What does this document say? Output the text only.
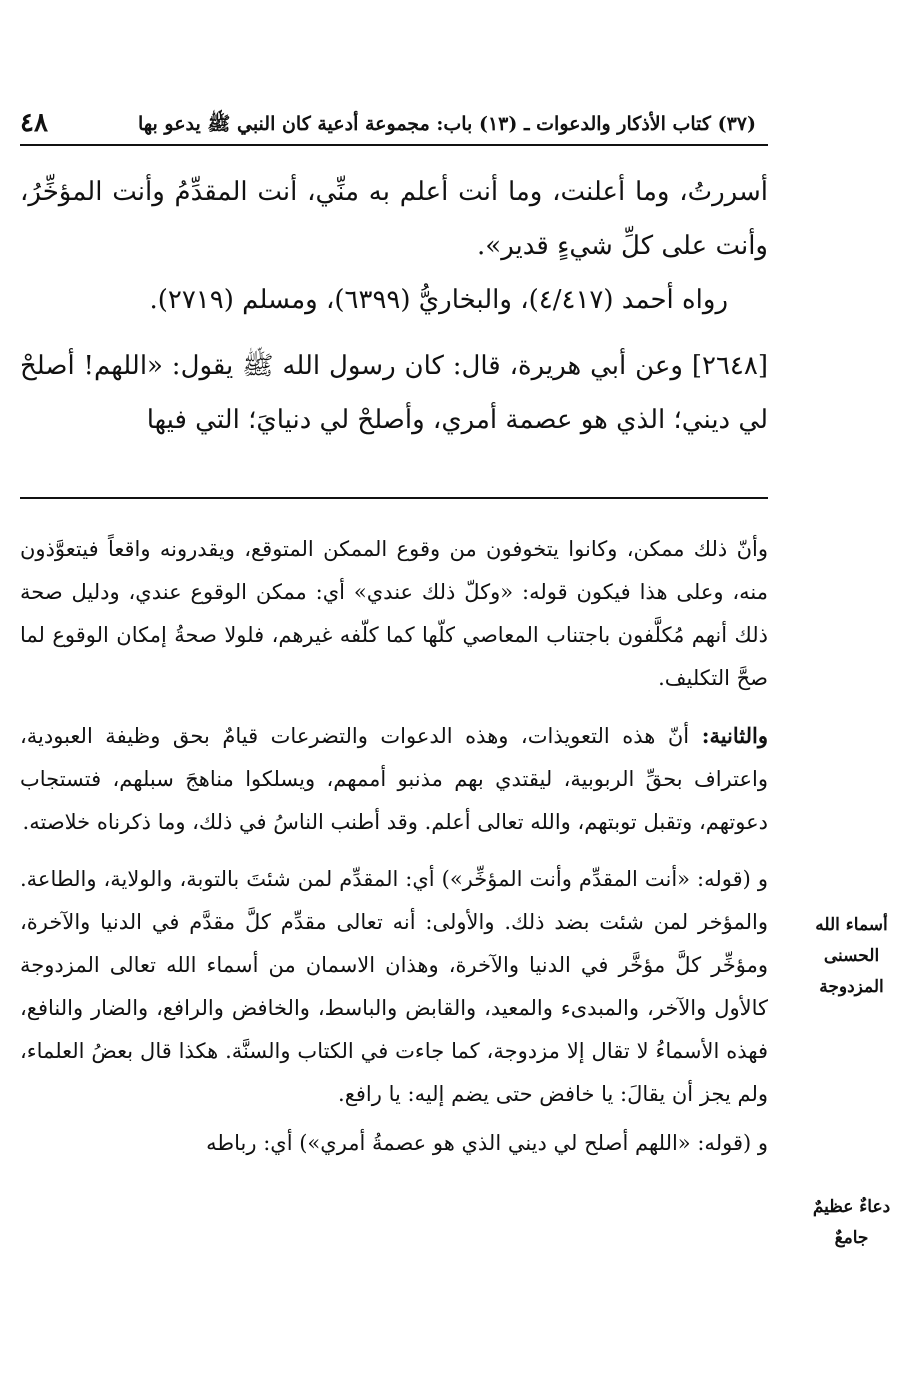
٤٨	(٣٧) كتاب الأذكار والدعوات ـ (١٣) باب: مجموعة أدعية كان النبي ﷺ يدعو بها

أسررتُ، وما أعلنت، وما أنت أعلم به منِّي، أنت المقدِّمُ وأنت المؤخِّرُ، وأنت على كلِّ شيءٍ قدير».

رواه أحمد (٤/٤١٧)، والبخاريُّ (٦٣٩٩)، ومسلم (٢٧١٩).

[٢٦٤٨] وعن أبي هريرة، قال: كان رسول الله ﷺ يقول: «اللهم! أصلحْ لي ديني؛ الذي هو عصمة أمري، وأصلحْ لي دنيايَ؛ التي فيها

وأنّ ذلك ممكن، وكانوا يتخوفون من وقوع الممكن المتوقع، ويقدرونه واقعاً فيتعوَّذون منه، وعلى هذا فيكون قوله: «وكلّ ذلك عندي» أي: ممكن الوقوع عندي، ودليل صحة ذلك أنهم مُكلَّفون باجتناب المعاصي كلّها كما كلّفه غيرهم، فلولا صحةُ إمكان الوقوع لما صحَّ التكليف.

والثانية: أنّ هذه التعويذات، وهذه الدعوات والتضرعات قيامٌ بحق وظيفة العبودية، واعتراف بحقِّ الربوبية، ليقتدي بهم مذنبو أممهم، ويسلكوا مناهجَ سبلهم، فتستجاب دعوتهم، وتقبل توبتهم، والله تعالى أعلم. وقد أطنب الناسُ في ذلك، وما ذكرناه خلاصته.

و (قوله: «أنت المقدِّم وأنت المؤخِّر») أي: المقدِّم لمن شئتَ بالتوبة، والولاية، والطاعة. والمؤخر لمن شئت بضد ذلك. والأولى: أنه تعالى مقدِّم كلَّ مقدَّم في الدنيا والآخرة، ومؤخِّر كلَّ مؤخَّر في الدنيا والآخرة، وهذان الاسمان من أسماء الله تعالى المزدوجة كالأول والآخر، والمبدىء والمعيد، والقابض والباسط، والخافض والرافع، والضار والنافع، فهذه الأسماءُ لا تقال إلا مزدوجة، كما جاءت في الكتاب والسنَّة. هكذا قال بعضُ العلماء، ولم يجز أن يقالَ: يا خافض حتى يضم إليه: يا رافع.

و (قوله: «اللهم أصلح لي ديني الذي هو عصمةُ أمري») أي: رباطه

أسماء الله الحسنى المزدوجة
دعاءٌ عظيمٌ جامعٌ
